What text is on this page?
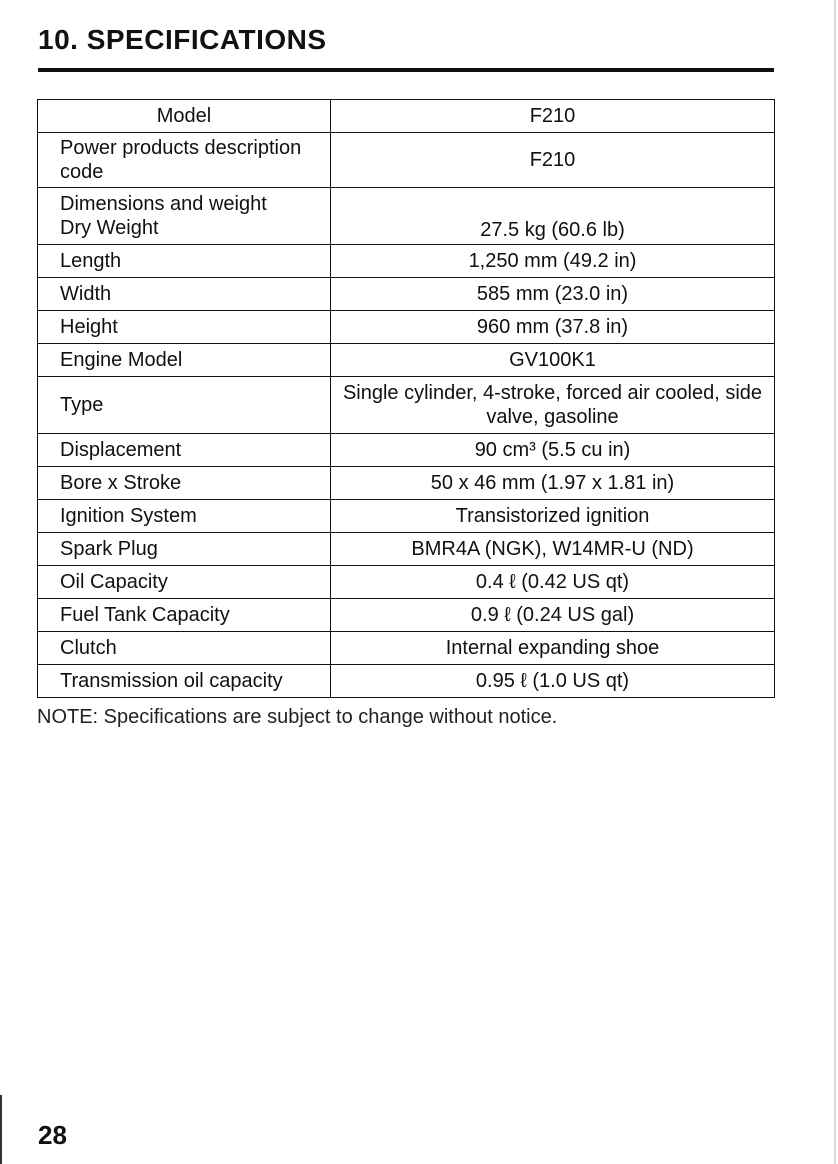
10. SPECIFICATIONS
Model	F210
Power products description code	F210
Dimensions and weight
Dry Weight	27.5 kg (60.6 lb)
Length	1,250 mm (49.2 in)
Width	585 mm (23.0 in)
Height	960 mm (37.8 in)
Engine Model	GV100K1
Type	Single cylinder, 4-stroke, forced air cooled, side valve, gasoline
Displacement	90 cm³ (5.5 cu in)
Bore x Stroke	50 x 46 mm (1.97 x 1.81 in)
Ignition System	Transistorized ignition
Spark Plug	BMR4A (NGK), W14MR-U (ND)
Oil Capacity	0.4 ℓ (0.42 US qt)
Fuel Tank Capacity	0.9 ℓ (0.24 US gal)
Clutch	Internal expanding shoe
Transmission oil capacity	0.95 ℓ (1.0 US qt)
NOTE: Specifications are subject to change without notice.
28
